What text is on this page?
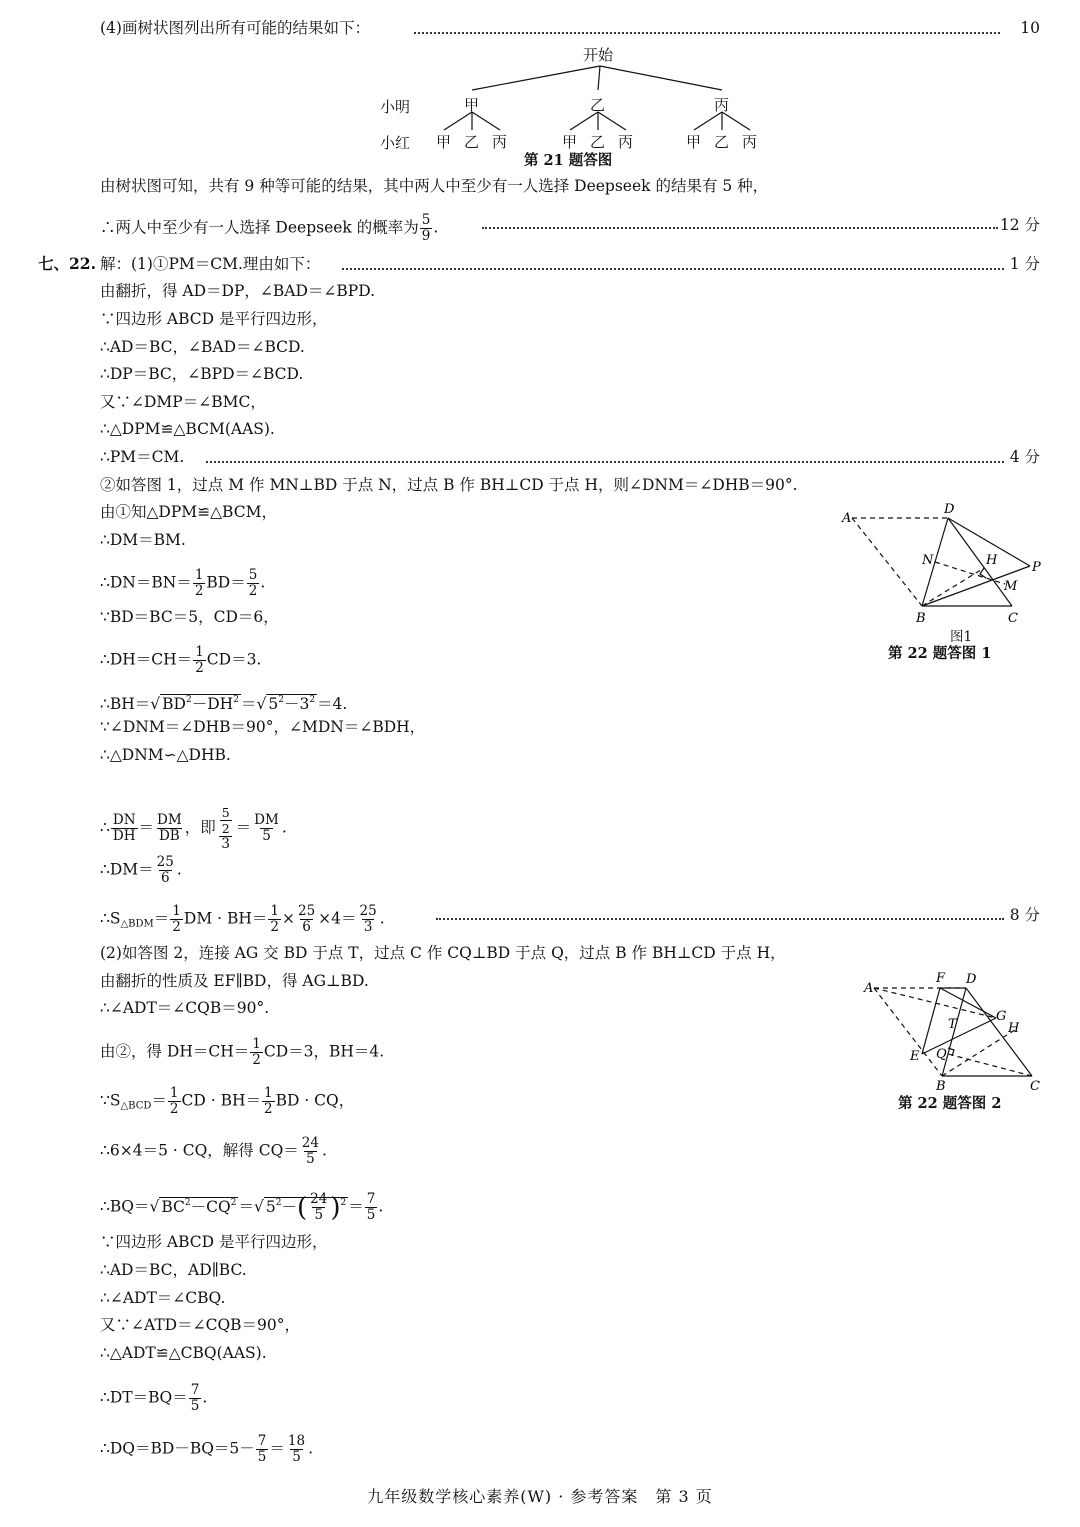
(4)画树状图列出所有可能的结果如下：	10
开始
小明
小红
甲	乙	丙
甲 乙 丙	甲 乙 丙	甲 乙 丙
第 21 题答图
由树状图可知，共有 9 种等可能的结果，其中两人中至少有一人选择 Deepseek 的结果有 5 种，
∴两人中至少有一人选择 Deepseek 的概率为 $\frac{5}{9}$ .	12 分
七、22. 解：(1)①PM＝CM.理由如下：	1 分
由翻折，得 AD＝DP，∠BAD＝∠BPD.
∵四边形 ABCD 是平行四边形，
∴AD＝BC，∠BAD＝∠BCD.
∴DP＝BC，∠BPD＝∠BCD.
又∵∠DMP＝∠BMC，
∴△DPM≌△BCM(AAS).
∴PM＝CM.	4 分
②如答图 1，过点 M 作 MN⊥BD 于点 N，过点 B 作 BH⊥CD 于点 H，则∠DNM＝∠DHB＝90°.
由①知△DPM≌△BCM，
∴DM＝BM.
∴DN＝BN＝ $\frac{1}{2} BD= \frac{5}{2}$ .
∵BD＝BC＝5，CD＝6，
∴DH＝CH＝ $\frac{1}{2} CD=3$.
∴BH＝√ $BD^2-DH^2$ ＝√ $5^2-3^2 =4$.
∵∠DNM＝∠DHB＝90°，∠MDN＝∠BDH，
∴△DNM∽△DHB.
∴ $\frac{DN}{DH} = \frac{DM}{DB}$ ，即 $\frac{\frac{5}{2}}{3} = \frac{DM}{5}$ .
∴DM＝ $\frac{25}{6}$ .
$\therefore S_{\triangle BDM}= \frac{1}{2}$ DM · $BH= \frac{1}{2} \times \frac{25}{6} \times 4= \frac{25}{3}$ .	8 分
(2)如答图 2，连接 AG 交 BD 于点 T，过点 C 作 CQ⊥BD 于点 Q，过点 B 作 BH⊥CD 于点 H，
由翻折的性质及 EF∥BD，得 AG⊥BD.
∴∠ADT＝∠CQB＝90°.
由②，得 $DH=CH= \frac{1}{2} CD=3$，BH＝4.
$\because S_{\triangle BCD}= \frac{1}{2}$ CD · $BH= \frac{1}{2}$ BD · CQ，
∴6×4＝5 · CQ，解得 $CQ= \frac{24}{5}$ .
∴BQ＝√ $BC^2-CQ^2$ ＝√ $5^2-( \frac{24}{5} )^2 = \frac{7}{5}$ .
∵四边形 ABCD 是平行四边形，
∴AD＝BC，AD∥BC.
∴∠ADT＝∠CBQ.
又∵∠ATD＝∠CQB＝90°，
∴△ADT≌△CBQ(AAS).
∴DT＝BQ＝ $\frac{7}{5}$ .
∴DQ＝BD－BQ＝5－ $\frac{7}{5} = \frac{18}{5}$ .
A
D
B	C
N	H
M
P
图1
第 22 题答图 1
A
F D
G
H
T
E Q
B	C
第 22 题答图 2
九年级数学核心素养(W) · 参考答案　第 3 页
